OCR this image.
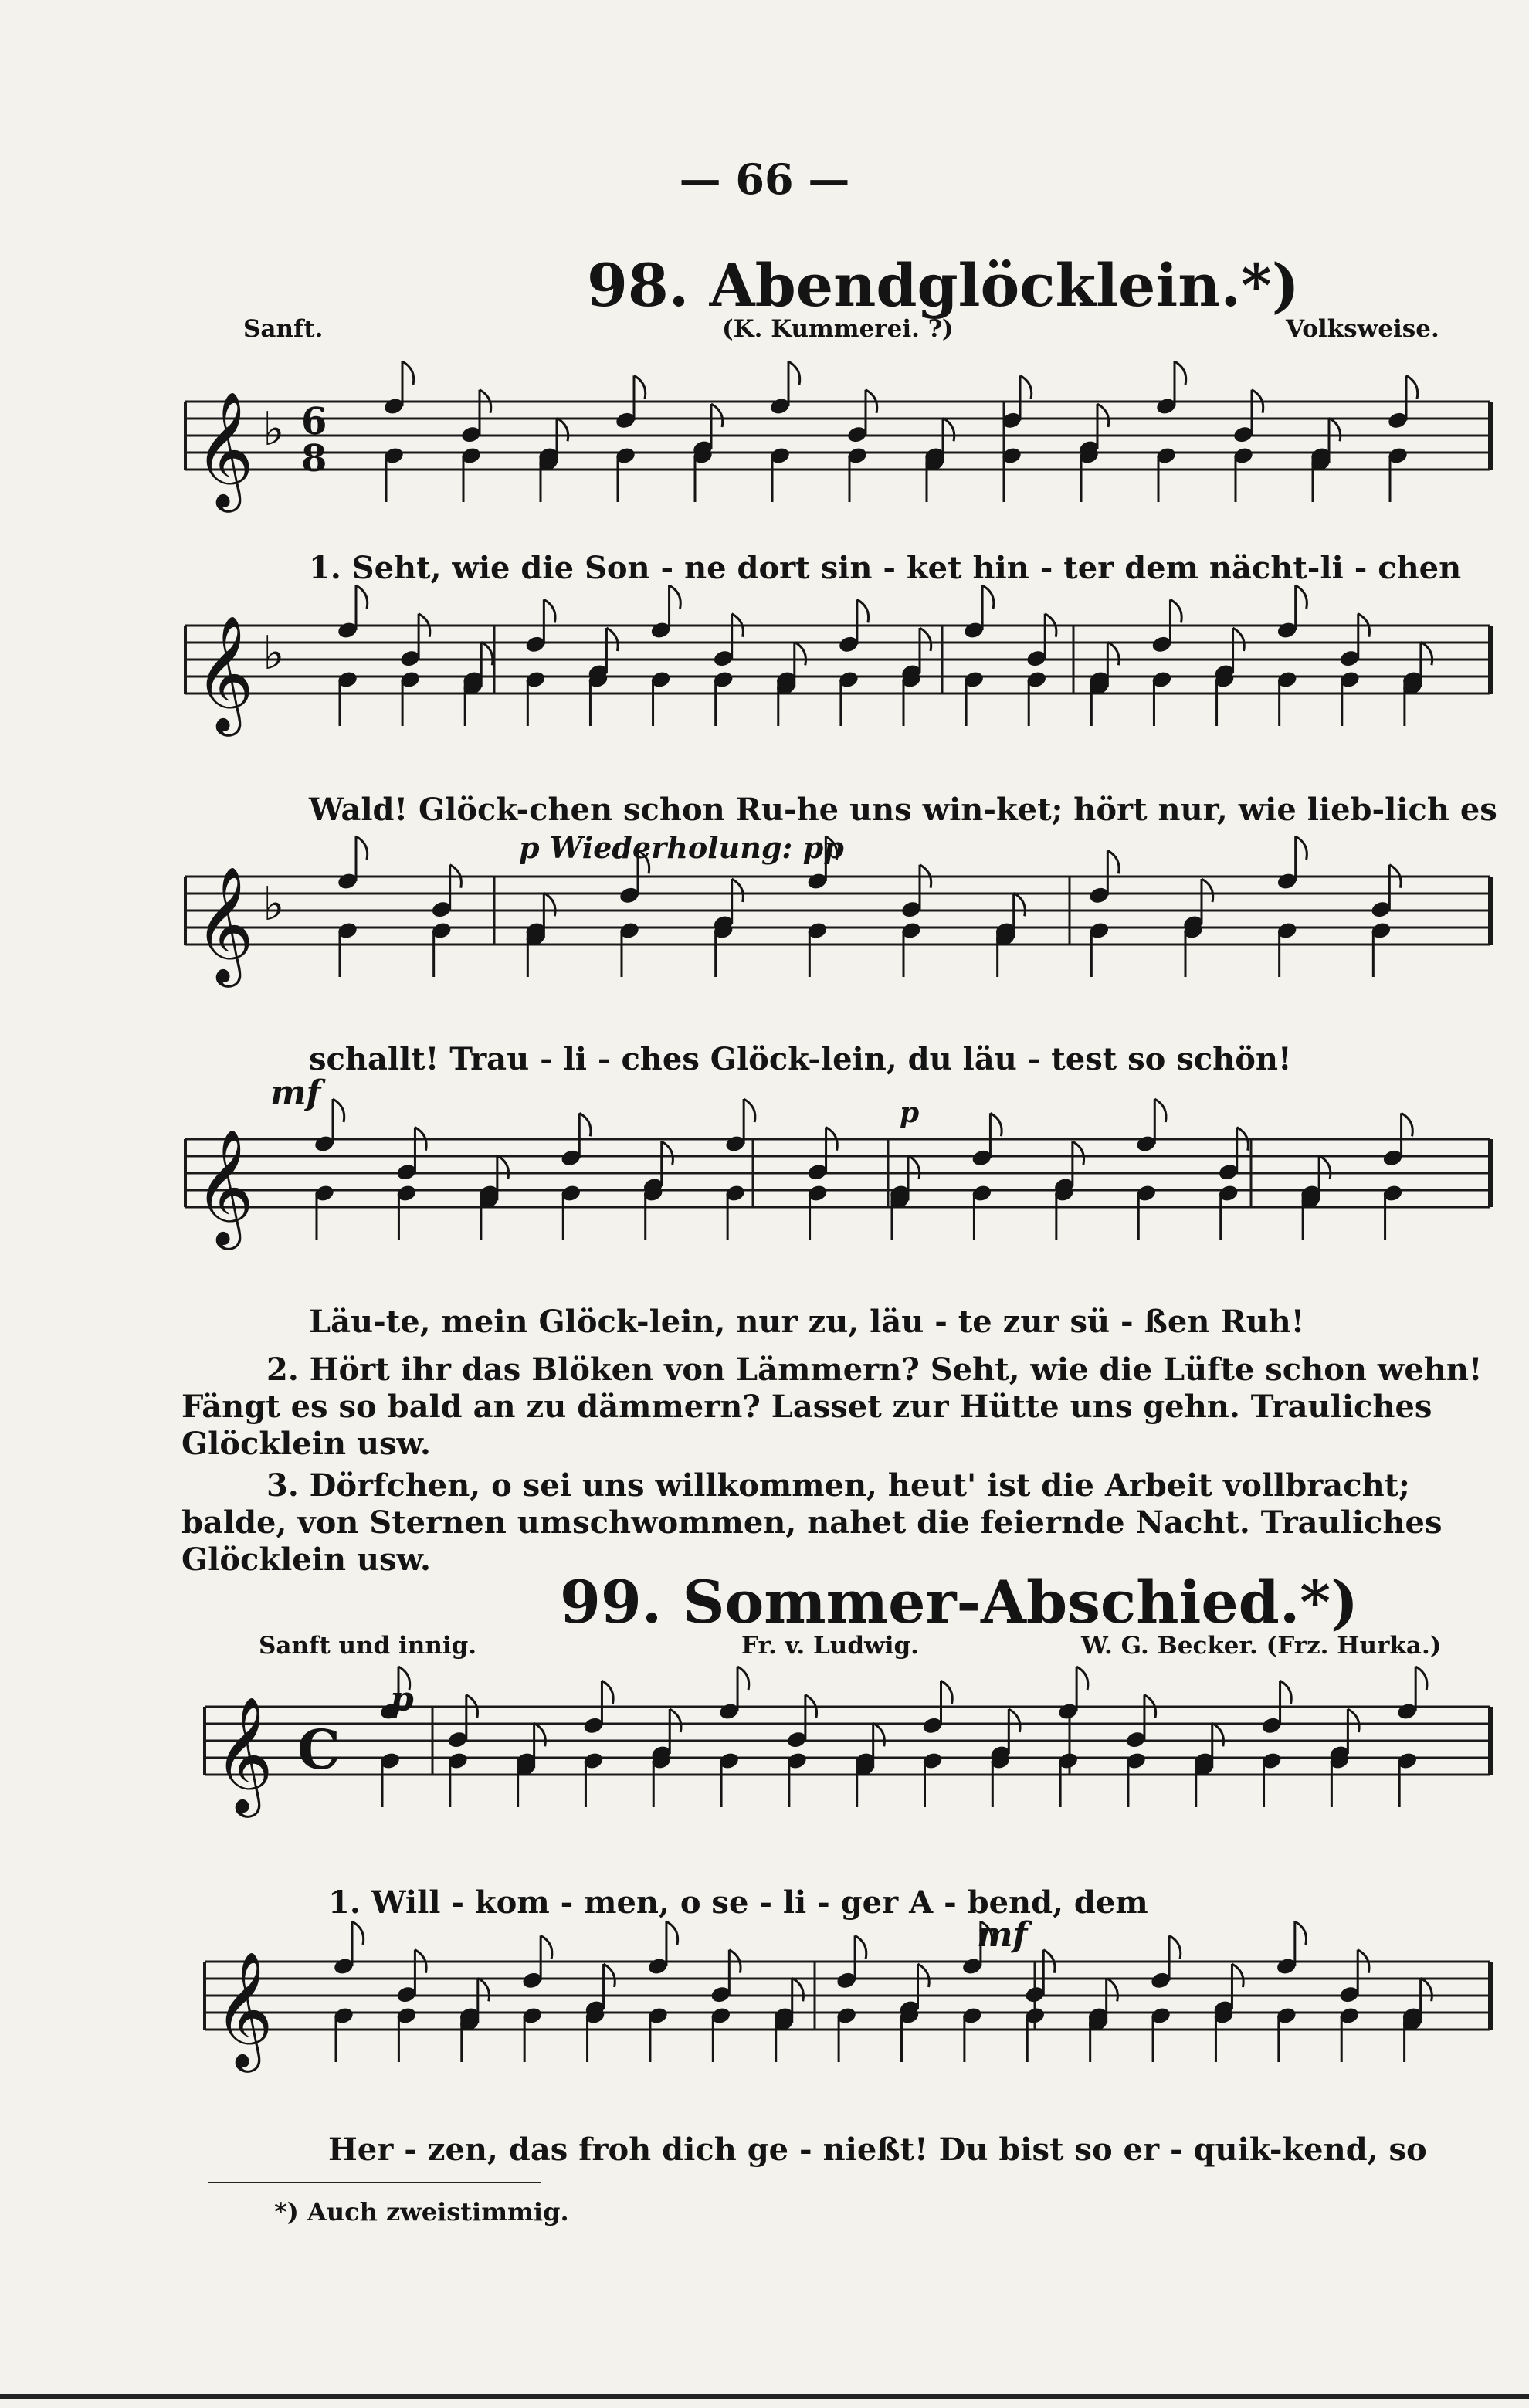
— 66 —
98. Abendglöcklein.*)
Sanft.	(K. Kummerei. ?)	Volksweise.
𝄞 ♭ 6
8
𝄞 ♭
𝄞 ♭
𝄞
𝄞 C
𝄞
1. Seht, wie die Son - ne dort sin - ket hin - ter dem nächt-li - chen
p Wiederholung: pp
Wald! Glöck-chen schon Ru-he uns win-ket; hört nur, wie lieb-lich es
schallt! Trau - li - ches Glöck-lein, du läu - test so schön!
mf	p
Läu-te, mein Glöck-lein, nur zu, läu - te zur sü - ßen Ruh!
2. Hört ihr das Blöken von Lämmern? Seht, wie die Lüfte schon wehn! Fängt es so bald an zu dämmern? Lasset zur Hütte uns gehn. Trauliches Glöcklein usw.
3. Dörfchen, o sei uns willkommen, heut' ist die Arbeit vollbracht; balde, von Sternen umschwommen, nahet die feiernde Nacht. Trauliches Glöcklein usw.
99. Sommer-Abschied.*)
Sanft und innig.	Fr. v. Ludwig.	W. G. Becker. (Frz. Hurka.)
p
1. Will - kom - men, o se - li - ger A - bend, dem
mf
Her - zen, das froh dich ge - nießt! Du bist so er - quik-kend, so
*) Auch zweistimmig.
